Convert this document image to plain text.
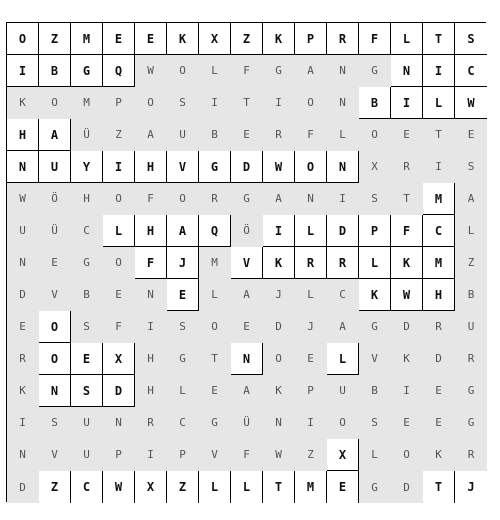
O	Z	M	E	E	K	X	Z	K	P	R	F	L	T	S
I	B	G	Q	W	O	L	F	G	A	N	G	N	I	C
K	O	M	P	O	S	I	T	I	O	N	B	I	L	W
H	A	Ü	Z	A	U	B	E	R	F	L	O	E	T	E
N	U	Y	I	H	V	G	D	W	O	N	X	R	I	S
W	Ö	H	O	F	O	R	G	A	N	I	S	T	M	A
U	Ü	C	L	H	A	Q	Ö	I	L	D	P	F	C	L
N	E	G	O	F	J	M	V	K	R	R	L	K	M	Z
D	V	B	E	N	E	L	A	J	L	C	K	W	H	B
E	O	S	F	I	S	O	E	D	J	A	G	D	R	U
R	O	E	X	H	G	T	N	O	E	L	V	K	D	R
K	N	S	D	H	L	E	A	K	P	U	B	I	E	G
I	S	U	N	R	C	G	Ü	N	I	O	S	E	E	G
N	V	U	P	I	P	V	F	W	Z	X	L	O	K	R
D	Z	C	W	X	Z	L	L	T	M	E	G	D	T	J
